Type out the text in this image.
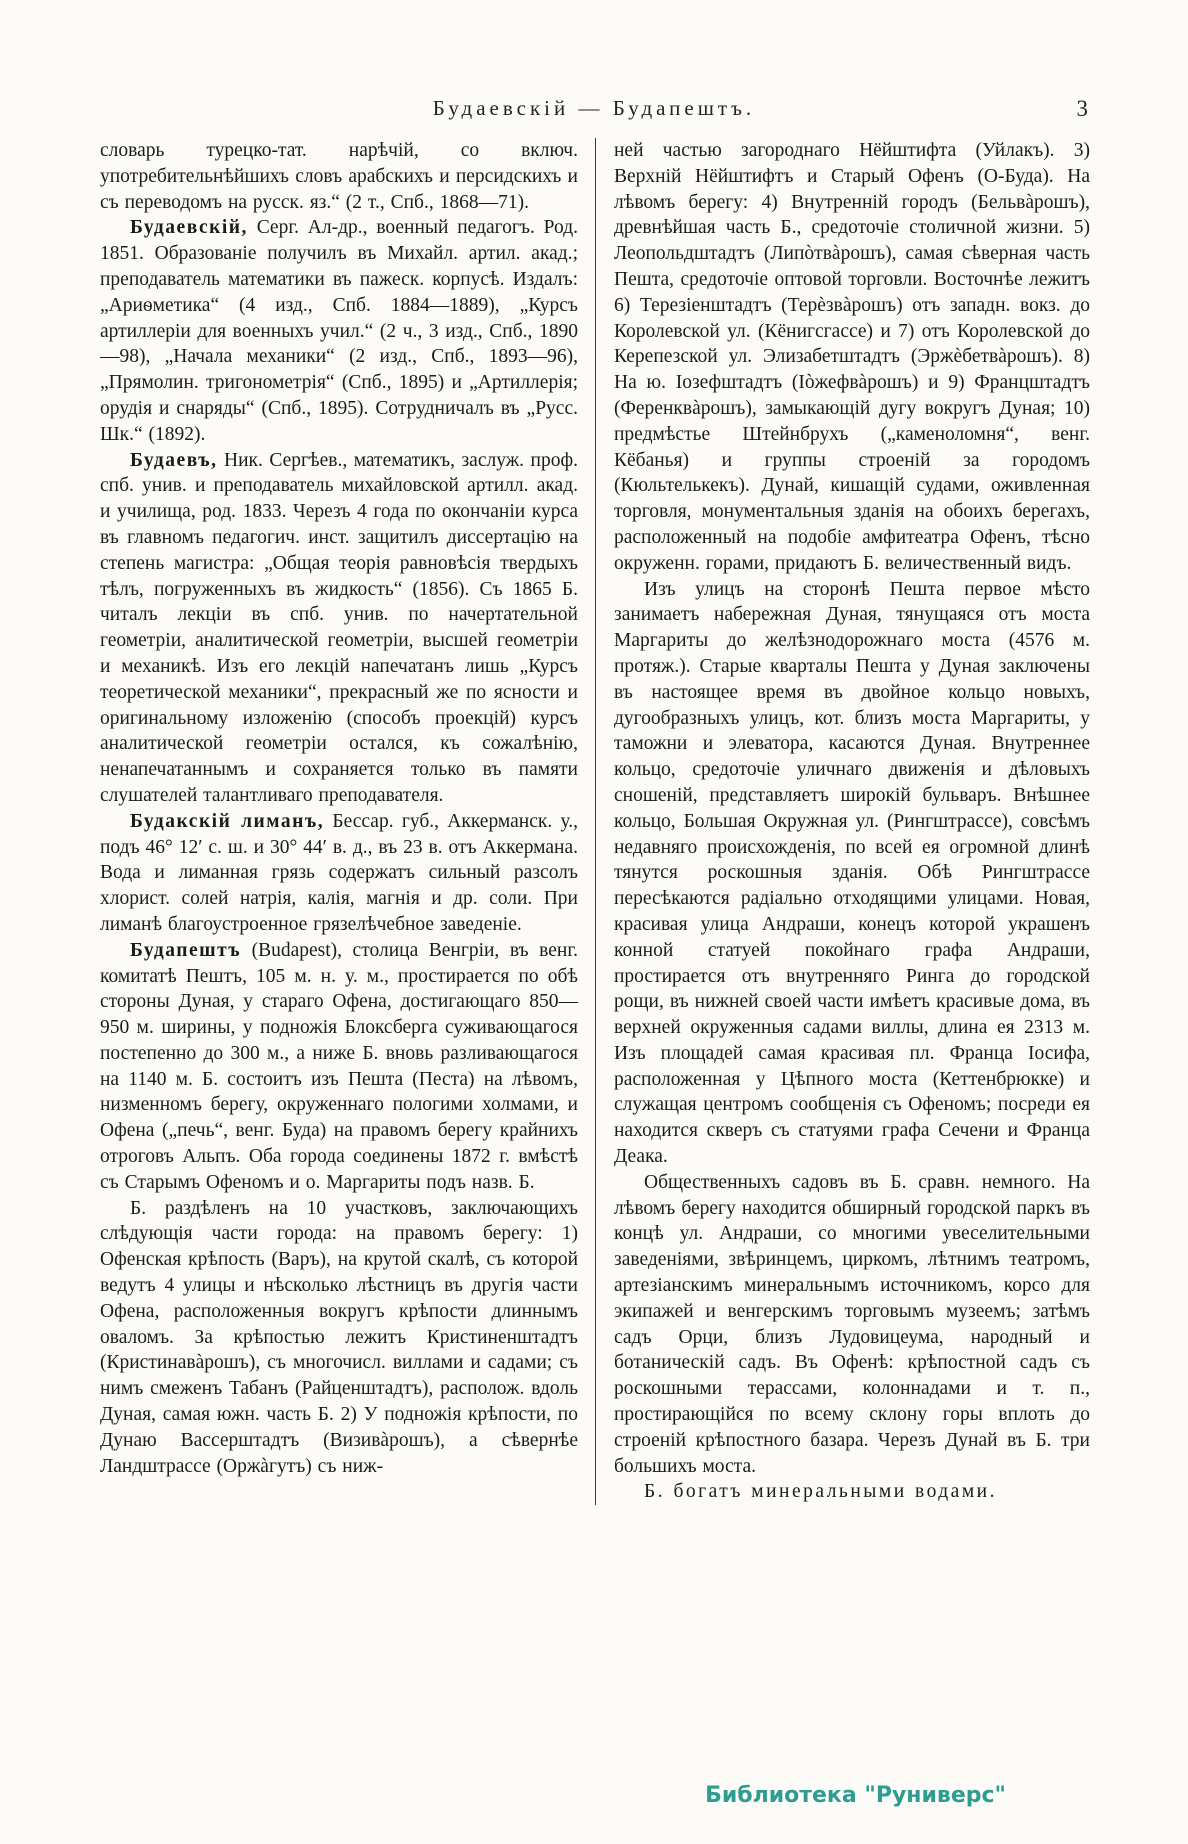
Будаевскій — Будапештъ.	3

словарь турецко-тат. нарѣчій, со включ. употребительнѣйшихъ словъ арабскихъ и персидскихъ и съ переводомъ на русск. яз.“ (2 т., Спб., 1868—71).

Будаевскій, Серг. Ал-др., военный педагогъ. Род. 1851. Образованіе получилъ въ Михайл. артил. акад.; преподаватель математики въ пажеск. корпусѣ. Издалъ: „Ариѳметика“ (4 изд., Спб. 1884—1889), „Курсъ артиллеріи для военныхъ учил.“ (2 ч., 3 изд., Спб., 1890—98), „Начала механики“ (2 изд., Спб., 1893—96), „Прямолин. тригонометрія“ (Спб., 1895) и „Артиллерія; орудія и снаряды“ (Спб., 1895). Сотрудничалъ въ „Русс. Шк.“ (1892).

Будаевъ, Ник. Сергѣев., математикъ, заслуж. проф. спб. унив. и преподаватель михайловской артилл. акад. и училища, род. 1833. Черезъ 4 года по окончаніи курса въ главномъ педагогич. инст. защитилъ диссертацію на степень магистра: „Общая теорія равновѣсія твердыхъ тѣлъ, погруженныхъ въ жидкость“ (1856). Съ 1865 Б. читалъ лекціи въ спб. унив. по начертательной геометріи, аналитической геометріи, высшей геометріи и механикѣ. Изъ его лекцій напечатанъ лишь „Курсъ теоретической механики“, прекрасный же по ясности и оригинальному изложенію (способъ проекцій) курсъ аналитической геометріи остался, къ сожалѣнію, ненапечатаннымъ и сохраняется только въ памяти слушателей талантливаго преподавателя.

Будакскій лиманъ, Бессар. губ., Аккерманск. у., подъ 46° 12′ с. ш. и 30° 44′ в. д., въ 23 в. отъ Аккермана. Вода и лиманная грязь содержатъ сильный разсолъ хлорист. солей натрія, калія, магнія и др. соли. При лиманѣ благоустроенное грязелѣчебное заведеніе.

Будапештъ (Budapest), столица Венгріи, въ венг. комитатѣ Пештъ, 105 м. н. у. м., простирается по обѣ стороны Дуная, у стараго Офена, достигающаго 850—950 м. ширины, у подножія Блоксберга суживающагося постепенно до 300 м., а ниже Б. вновь разливающагося на 1140 м. Б. состоитъ изъ Пешта (Песта) на лѣвомъ, низменномъ берегу, окруженнаго пологими холмами, и Офена („печь“, венг. Буда) на правомъ берегу крайнихъ отроговъ Альпъ. Оба города соединены 1872 г. вмѣстѣ съ Старымъ Офеномъ и о. Маргариты подъ назв. Б.

Б. раздѣленъ на 10 участковъ, заключающихъ слѣдующія части города: на правомъ берегу: 1) Офенская крѣпость (Варъ), на крутой скалѣ, съ которой ведутъ 4 улицы и нѣсколько лѣстницъ въ другія части Офена, расположенныя вокругъ крѣпости длиннымъ оваломъ. За крѣпостью лежитъ Кристиненштадтъ (Кристинавàрошъ), съ многочисл. виллами и садами; съ нимъ смеженъ Табанъ (Райценштадтъ), располож. вдоль Дуная, самая южн. часть Б. 2) У подножія крѣпости, по Дунаю Вассерштадтъ (Визивàрошъ), а сѣвернѣе Ландштрассе (Оржàгутъ) съ ниж-

ней частью загороднаго Нёйштифта (Уйлакъ). 3) Верхній Нёйштифтъ и Старый Офенъ (О-Буда). На лѣвомъ берегу: 4) Внутренній городъ (Бельвàрошъ), древнѣйшая часть Б., средоточіе столичной жизни. 5) Леопольдштадтъ (Липòтвàрошъ), самая сѣверная часть Пешта, средоточіе оптовой торговли. Восточнѣе лежитъ 6) Терезіенштадтъ (Терèзвàрошъ) отъ западн. вокз. до Королевской ул. (Кёнигсгассе) и 7) отъ Королевской до Керепезской ул. Элизабетштадтъ (Эржèбетвàрошъ). 8) На ю. Іозефштадтъ (Іòжефвàрошъ) и 9) Францштадтъ (Ференквàрошъ), замыкающій дугу вокругъ Дуная; 10) предмѣстье Штейнбрухъ („каменоломня“, венг. Кёбанья) и группы строеній за городомъ (Кюльтелькекъ). Дунай, кишащій судами, оживленная торговля, монументальныя зданія на обоихъ берегахъ, расположенный на подобіе амфитеатра Офенъ, тѣсно окруженн. горами, придаютъ Б. величественный видъ.

Изъ улицъ на сторонѣ Пешта первое мѣсто занимаетъ набережная Дуная, тянущаяся отъ моста Маргариты до желѣзнодорожнаго моста (4576 м. протяж.). Старые кварталы Пешта у Дуная заключены въ настоящее время въ двойное кольцо новыхъ, дугообразныхъ улицъ, кот. близъ моста Маргариты, у таможни и элеватора, касаются Дуная. Внутреннее кольцо, средоточіе уличнаго движенія и дѣловыхъ сношеній, представляетъ широкій бульваръ. Внѣшнее кольцо, Большая Окружная ул. (Рингштрассе), совсѣмъ недавняго происхожденія, по всей ея огромной длинѣ тянутся роскошныя зданія. Обѣ Рингштрассе пересѣкаются радіально отходящими улицами. Новая, красивая улица Андраши, конецъ которой украшенъ конной статуей покойнаго графа Андраши, простирается отъ внутренняго Ринга до городской рощи, въ нижней своей части имѣетъ красивые дома, въ верхней окруженныя садами виллы, длина ея 2313 м. Изъ площадей самая красивая пл. Франца Іосифа, расположенная у Цѣпного моста (Кеттенбрюкке) и служащая центромъ сообщенія съ Офеномъ; посреди ея находится скверъ съ статуями графа Сечени и Франца Деака.

Общественныхъ садовъ въ Б. сравн. немного. На лѣвомъ берегу находится обширный городской паркъ въ концѣ ул. Андраши, со многими увеселительными заведеніями, звѣринцемъ, циркомъ, лѣтнимъ театромъ, артезіанскимъ минеральнымъ источникомъ, корсо для экипажей и венгерскимъ торговымъ музеемъ; затѣмъ садъ Орци, близъ Лудовицеума, народный и ботаническій садъ. Въ Офенѣ: крѣпостной садъ съ роскошными терассами, колоннадами и т. п., простирающійся по всему склону горы вплоть до строеній крѣпостного базара. Черезъ Дунай въ Б. три большихъ моста.

Б. богатъ минеральными водами.

Библиотека "Руниверс"
